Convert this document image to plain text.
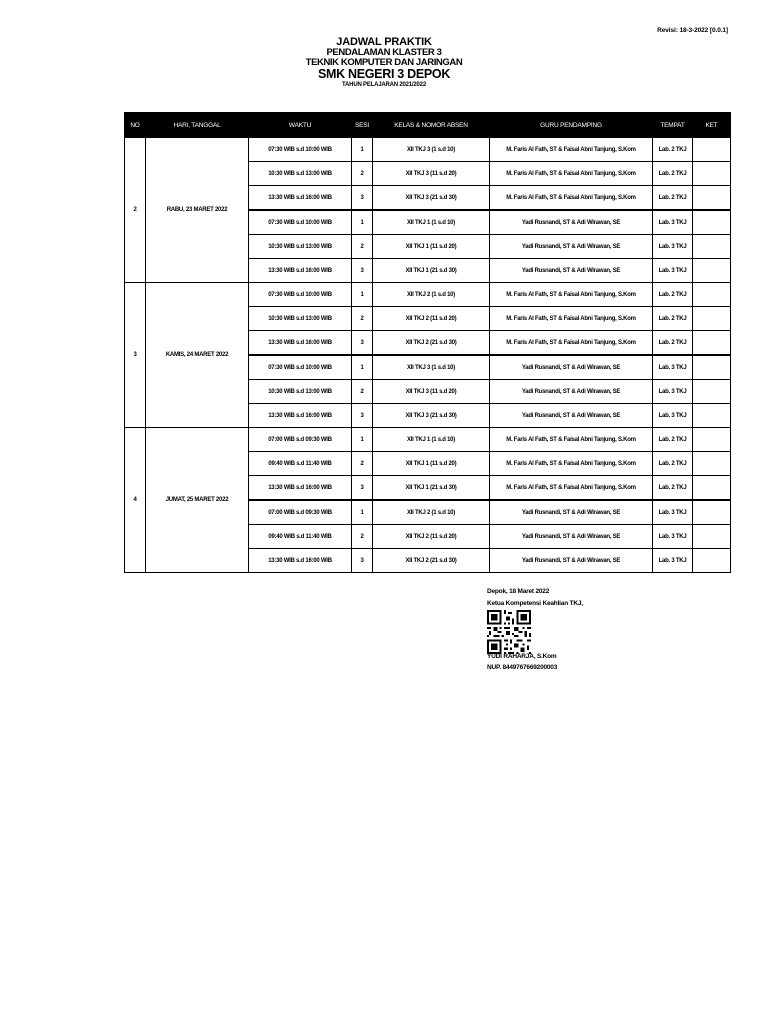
Revisi: 18-3-2022 [0.0.1]
JADWAL PRAKTIK
PENDALAMAN KLASTER 3
TEKNIK KOMPUTER DAN JARINGAN
SMK NEGERI 3 DEPOK
TAHUN PELAJARAN 2021/2022
NO	HARI, TANGGAL	WAKTU	SESI	KELAS & NOMOR ABSEN	GURU PENDAMPING	TEMPAT	KET
2	RABU, 23 MARET 2022	07:30 WIB s.d 10:00 WIB	1	XII TKJ 3 (1 s.d 10)	M. Faris Al Fath, ST & Faisal Abni Tanjung, S.Kom	Lab. 2 TKJ	
		10:30 WIB s.d 13:00 WIB	2	XII TKJ 3 (11 s.d 20)	M. Faris Al Fath, ST & Faisal Abni Tanjung, S.Kom	Lab. 2 TKJ	
		13:30 WIB s.d 16:00 WIB	3	XII TKJ 3 (21 s.d 30)	M. Faris Al Fath, ST & Faisal Abni Tanjung, S.Kom	Lab. 2 TKJ	
		07:30 WIB s.d 10:00 WIB	1	XII TKJ 1 (1 s.d 10)	Yadi Rusnandi, ST & Adi Wirawan, SE	Lab. 3 TKJ	
		10:30 WIB s.d 13:00 WIB	2	XII TKJ 1 (11 s.d 20)	Yadi Rusnandi, ST & Adi Wirawan, SE	Lab. 3 TKJ	
		13:30 WIB s.d 16:00 WIB	3	XII TKJ 1 (21 s.d 30)	Yadi Rusnandi, ST & Adi Wirawan, SE	Lab. 3 TKJ	
3	KAMIS, 24 MARET 2022	07:30 WIB s.d 10:00 WIB	1	XII TKJ 2 (1 s.d 10)	M. Faris Al Fath, ST & Faisal Abni Tanjung, S.Kom	Lab. 2 TKJ	
		10:30 WIB s.d 13:00 WIB	2	XII TKJ 2 (11 s.d 20)	M. Faris Al Fath, ST & Faisal Abni Tanjung, S.Kom	Lab. 2 TKJ	
		13:30 WIB s.d 16:00 WIB	3	XII TKJ 2 (21 s.d 30)	M. Faris Al Fath, ST & Faisal Abni Tanjung, S.Kom	Lab. 2 TKJ	
		07:30 WIB s.d 10:00 WIB	1	XII TKJ 3 (1 s.d 10)	Yadi Rusnandi, ST & Adi Wirawan, SE	Lab. 3 TKJ	
		10:30 WIB s.d 13:00 WIB	2	XII TKJ 3 (11 s.d 20)	Yadi Rusnandi, ST & Adi Wirawan, SE	Lab. 3 TKJ	
		13:30 WIB s.d 16:00 WIB	3	XII TKJ 3 (21 s.d 30)	Yadi Rusnandi, ST & Adi Wirawan, SE	Lab. 3 TKJ	
4	JUMAT, 25 MARET 2022	07:00 WIB s.d 09:30 WIB	1	XII TKJ 1 (1 s.d 10)	M. Faris Al Fath, ST & Faisal Abni Tanjung, S.Kom	Lab. 2 TKJ	
		09:40 WIB s.d 11:40 WIB	2	XII TKJ 1 (11 s.d 20)	M. Faris Al Fath, ST & Faisal Abni Tanjung, S.Kom	Lab. 2 TKJ	
		13:30 WIB s.d 16:00 WIB	3	XII TKJ 1 (21 s.d 30)	M. Faris Al Fath, ST & Faisal Abni Tanjung, S.Kom	Lab. 2 TKJ	
		07:00 WIB s.d 09:30 WIB	1	XII TKJ 2 (1 s.d 10)	Yadi Rusnandi, ST & Adi Wirawan, SE	Lab. 3 TKJ	
		09:40 WIB s.d 11:40 WIB	2	XII TKJ 2 (11 s.d 20)	Yadi Rusnandi, ST & Adi Wirawan, SE	Lab. 3 TKJ	
		13:30 WIB s.d 16:00 WIB	3	XII TKJ 2 (21 s.d 30)	Yadi Rusnandi, ST & Adi Wirawan, SE	Lab. 3 TKJ	
Depok, 18 Maret 2022
Ketua Kompetensi Keahlian TKJ,
YUDI RAHARJA, S.Kom
NUP. 8449767669200003
